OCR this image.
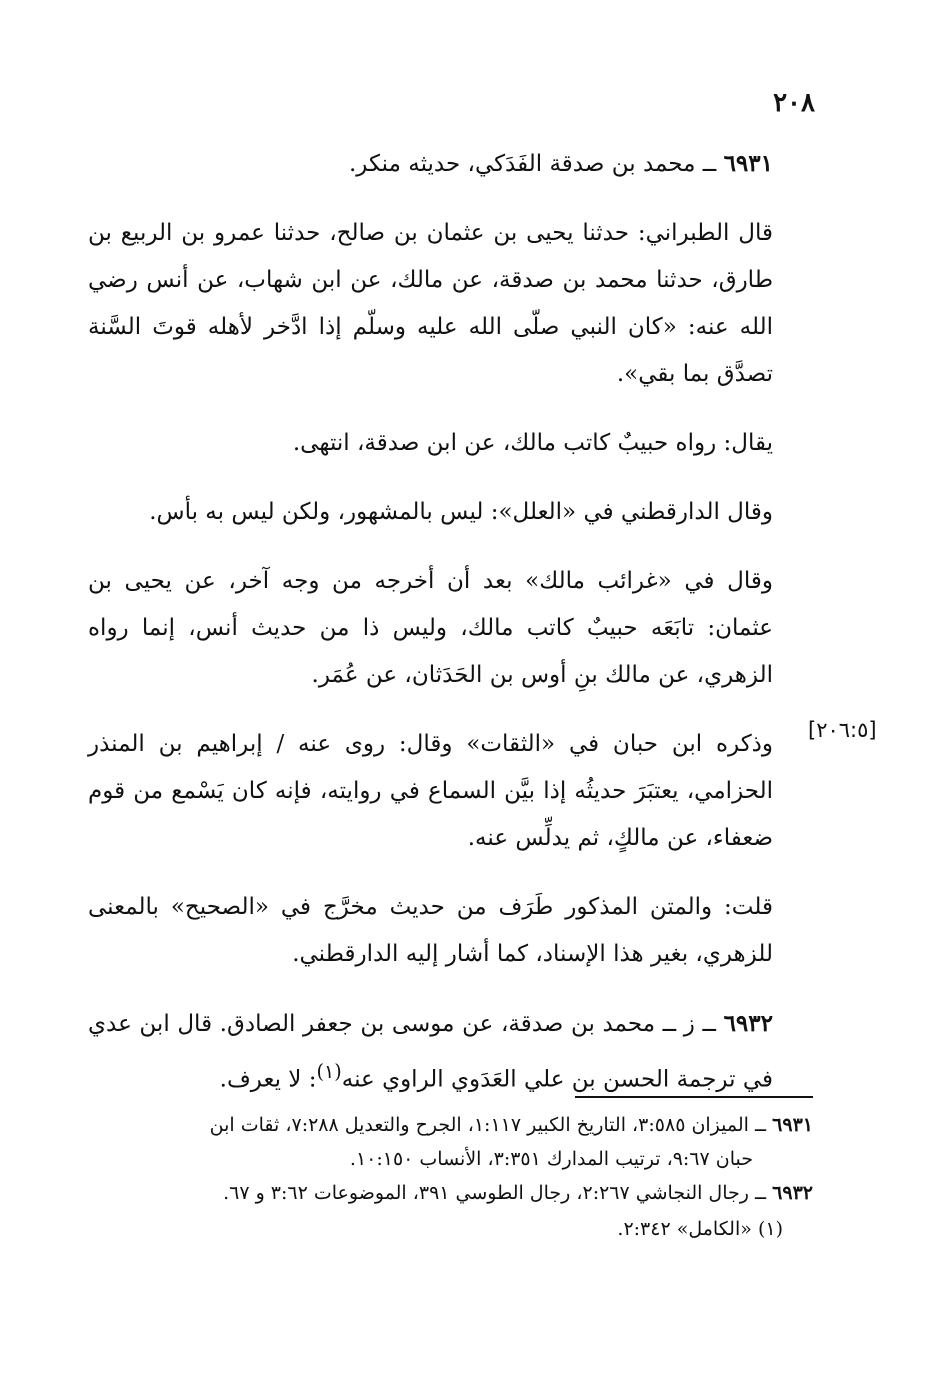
٢٠٨
[٢٠٦:٥]

٦٩٣١ ــ محمد بن صدقة الفَدَكي، حديثه منكر.

قال الطبراني: حدثنا يحيى بن عثمان بن صالح، حدثنا عمرو بن الربيع بن طارق، حدثنا محمد بن صدقة، عن مالك، عن ابن شهاب، عن أنس رضي الله عنه: «كان النبي صلّى الله عليه وسلّم إذا ادَّخر لأهله قوتَ السَّنة تصدَّق بما بقي».

يقال: رواه حبيبٌ كاتب مالك، عن ابن صدقة، انتهى.

وقال الدارقطني في «العلل»: ليس بالمشهور، ولكن ليس به بأس.

وقال في «غرائب مالك» بعد أن أخرجه من وجه آخر، عن يحيى بن عثمان: تابَعَه حبيبٌ كاتب مالك، وليس ذا من حديث أنس، إنما رواه الزهري، عن مالك بنِ أوس بن الحَدَثان، عن عُمَر.

وذكره ابن حبان في «الثقات» وقال: روى عنه / إبراهيم بن المنذر الحزامي، يعتبَرَ حديثُه إذا بيَّن السماع في روايته، فإنه كان يَسْمع من قوم ضعفاء، عن مالكٍ، ثم يدلِّس عنه.

قلت: والمتن المذكور طَرَف من حديث مخرَّج في «الصحيح» بالمعنى للزهري، بغير هذا الإسناد، كما أشار إليه الدارقطني.

٦٩٣٢ ــ ز ــ محمد بن صدقة، عن موسى بن جعفر الصادق. قال ابن عدي في ترجمة الحسن بن علي العَدَوي الراوي عنه$^{(١)}$: لا يعرف.

٦٩٣١ ــ الميزان ٣:٥٨٥، التاريخ الكبير ١:١١٧، الجرح والتعديل ٧:٢٨٨، ثقات ابن

حبان ٩:٦٧، ترتيب المدارك ٣:٣٥١، الأنساب ١٠:١٥٠.

٦٩٣٢ ــ رجال النجاشي ٢:٢٦٧، رجال الطوسي ٣٩١، الموضوعات ٣:٦٢ و ٦٧.

(١) «الكامل» ٢:٣٤٢.
